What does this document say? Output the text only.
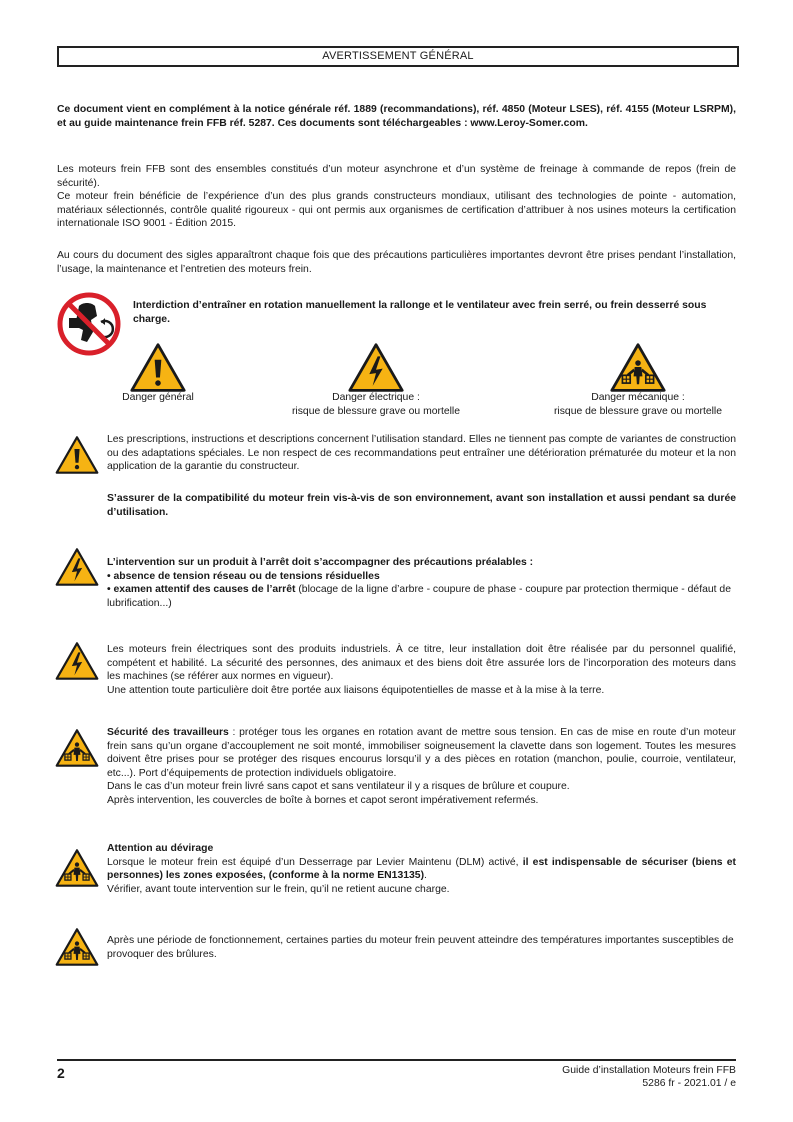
AVERTISSEMENT GÉNÉRAL

Ce document vient en complément à la notice générale réf. 1889 (recommandations), réf. 4850 (Moteur LSES), réf. 4155 (Moteur LSRPM), et au guide maintenance frein FFB réf. 5287. Ces documents sont téléchargeables : www.Leroy-Somer.com.

Les moteurs frein FFB sont des ensembles constitués d’un moteur asynchrone et d’un système de freinage à commande de repos (frein de sécurité).

Ce moteur frein bénéficie de l’expérience d’un des plus grands constructeurs mondiaux, utilisant des technologies de pointe - automation, matériaux sélectionnés, contrôle qualité rigoureux - qui ont permis aux organismes de certification d’attribuer à nos usines moteurs la certification internationale ISO 9001 - Édition 2015.

Au cours du document des sigles apparaîtront chaque fois que des précautions particulières importantes devront être prises pendant l’installation, l’usage, la maintenance et l’entretien des moteurs frein.

Interdiction d’entraîner en rotation manuellement la rallonge et le ventilateur avec frein serré, ou frein desserré sous charge.

Danger général	Danger électrique :
risque de blessure grave ou mortelle
Danger mécanique :
risque de blessure grave ou mortelle

Les prescriptions, instructions et descriptions concernent l’utilisation standard. Elles ne tiennent pas compte de variantes de construction ou des adaptations spéciales. Le non respect de ces recommandations peut entraîner une détérioration prématurée du moteur et la non application de la garantie du constructeur.

S’assurer de la compatibilité du moteur frein vis-à-vis de son environnement, avant son installation et aussi pendant sa durée d’utilisation.

L’intervention sur un produit à l’arrêt doit s’accompagner des précautions préalables :

• absence de tension réseau ou de tensions résiduelles

• examen attentif des causes de l’arrêt (blocage de la ligne d’arbre - coupure de phase - coupure par protection thermique - défaut de lubrification...)

Les moteurs frein électriques sont des produits industriels. À ce titre, leur installation doit être réalisée par du personnel qualifié, compétent et habilité. La sécurité des personnes, des animaux et des biens doit être assurée lors de l’incorporation des moteurs dans les machines (se référer aux normes en vigueur).

Une attention toute particulière doit être portée aux liaisons équipotentielles de masse et à la mise à la terre.

Sécurité des travailleurs : protéger tous les organes en rotation avant de mettre sous tension. En cas de mise en route d’un moteur frein sans qu’un organe d’accouplement ne soit monté, immobiliser soigneusement la clavette dans son logement. Toutes les mesures doivent être prises pour se protéger des risques encourus lorsqu’il y a des pièces en rotation (manchon, poulie, courroie, ventilateur, etc...). Port d’équipements de protection individuels obligatoire.

Dans le cas d’un moteur frein livré sans capot et sans ventilateur il y a risques de brûlure et coupure.

Après intervention, les couvercles de boîte à bornes et capot seront impérativement refermés.

Attention au dévirage

Lorsque le moteur frein est équipé d’un Desserrage par Levier Maintenu (DLM) activé, il est indispensable de sécuriser (biens et personnes) les zones exposées, (conforme à la norme EN13135).

Vérifier, avant toute intervention sur le frein, qu’il ne retient aucune charge.

Après une période de fonctionnement, certaines parties du moteur frein peuvent atteindre des températures importantes susceptibles de provoquer des brûlures.

2	Guide d’installation Moteurs frein FFB
5286 fr - 2021.01 / e
